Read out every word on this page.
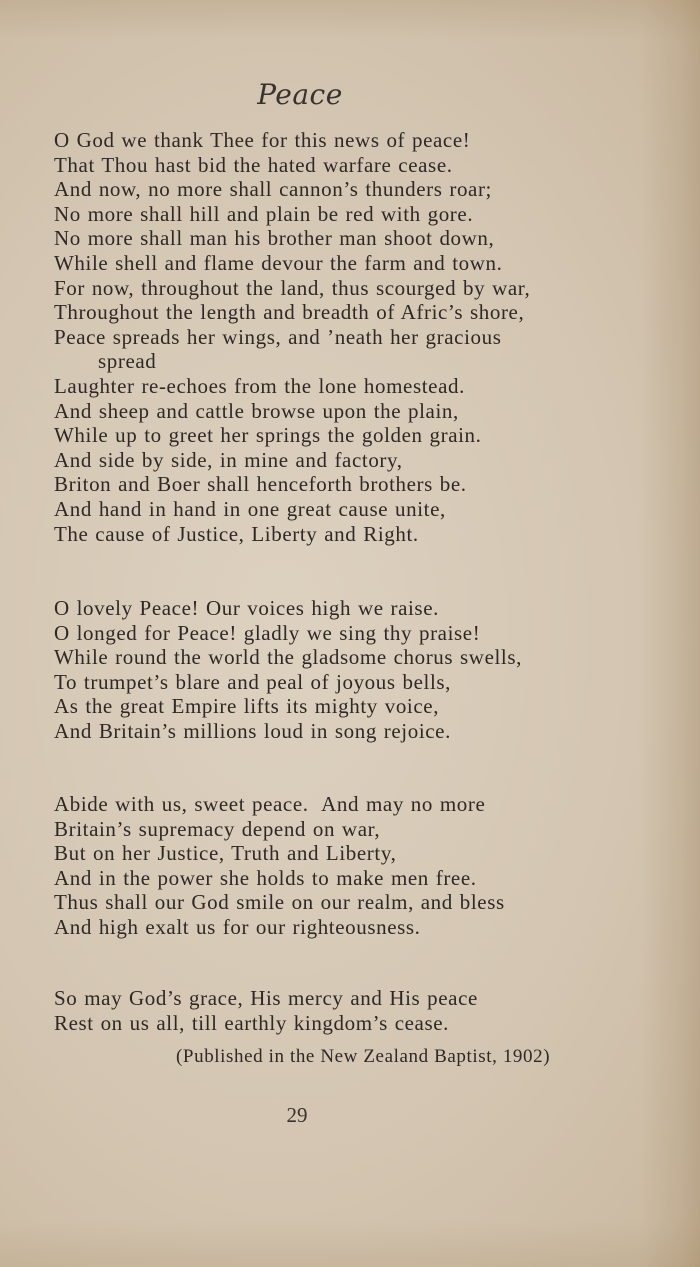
Peace
O God we thank Thee for this news of peace!
That Thou hast bid the hated warfare cease.
And now, no more shall cannon’s thunders roar;
No more shall hill and plain be red with gore.
No more shall man his brother man shoot down,
While shell and flame devour the farm and town.
For now, throughout the land, thus scourged by war,
Throughout the length and breadth of Afric’s shore,
Peace spreads her wings, and ’neath her gracious
spread
Laughter re-echoes from the lone homestead.
And sheep and cattle browse upon the plain,
While up to greet her springs the golden grain.
And side by side, in mine and factory,
Briton and Boer shall henceforth brothers be.
And hand in hand in one great cause unite,
The cause of Justice, Liberty and Right.
O lovely Peace! Our voices high we raise.
O longed for Peace! gladly we sing thy praise!
While round the world the gladsome chorus swells,
To trumpet’s blare and peal of joyous bells,
As the great Empire lifts its mighty voice,
And Britain’s millions loud in song rejoice.
Abide with us, sweet peace.  And may no more
Britain’s supremacy depend on war,
But on her Justice, Truth and Liberty,
And in the power she holds to make men free.
Thus shall our God smile on our realm, and bless
And high exalt us for our righteousness.
So may God’s grace, His mercy and His peace
Rest on us all, till earthly kingdom’s cease.
(Published in the New Zealand Baptist, 1902)
29
